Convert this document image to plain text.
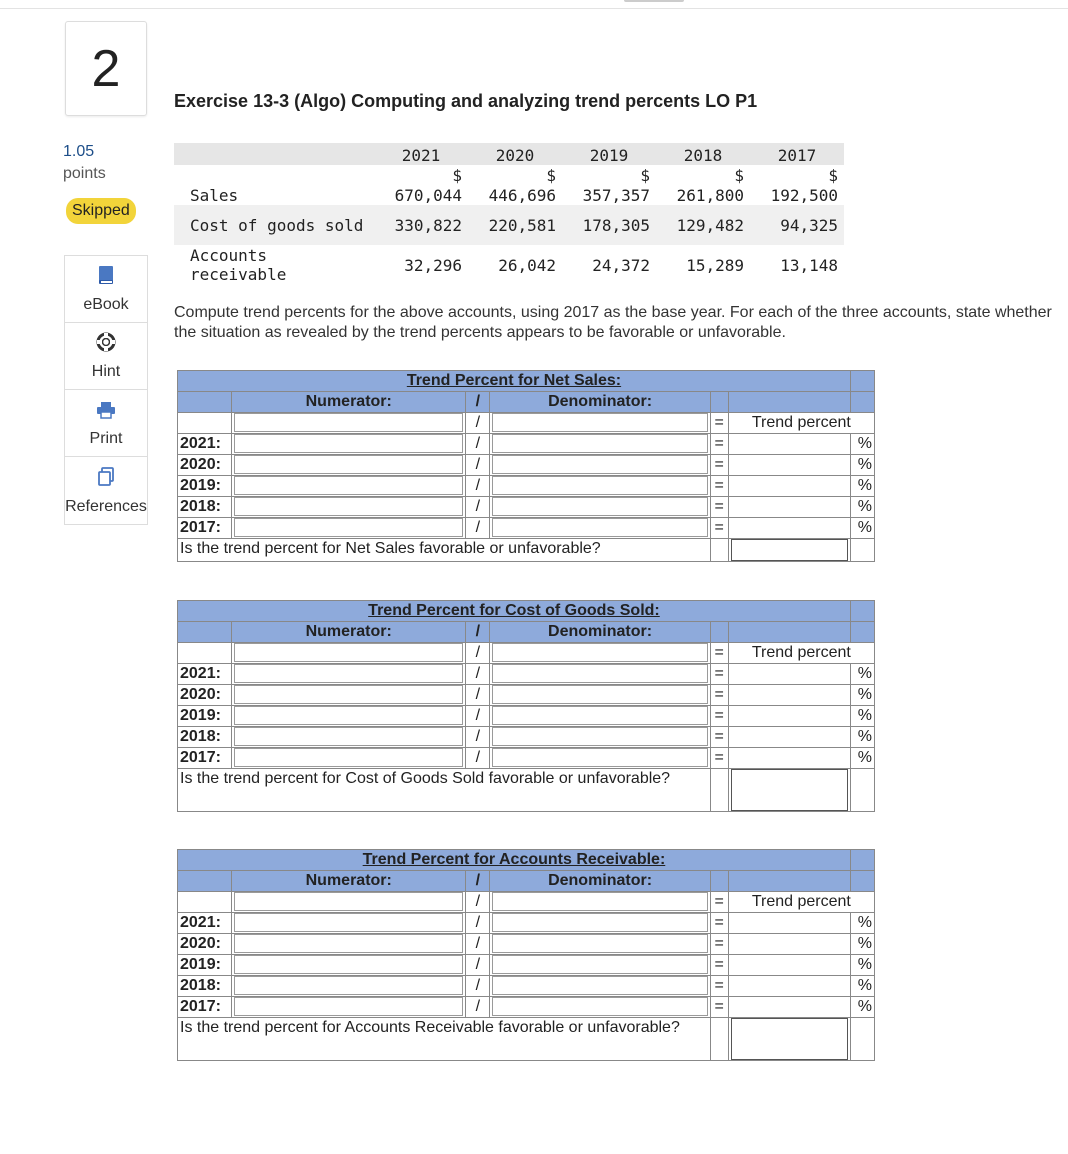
2
1.05
points
Skipped
eBook
Hint
Print
References
Exercise 13-3 (Algo) Computing and analyzing trend percents LO P1
	2021	2020	2019	2018	2017
	$	$	$	$	$
Sales	670,044	446,696	357,357	261,800	192,500
Cost of goods sold	330,822	220,581	178,305	129,482	94,325
Accounts receivable	32,296	26,042	24,372	15,289	13,148
Compute trend percents for the above accounts, using 2017 as the base year. For each of the three accounts, state whether the situation as revealed by the trend percents appears to be favorable or unfavorable.
Trend Percent for Net Sales:						
	Numerator:	/	Denominator:			
		/		=	Trend percent	
2021:		/		=		%
2020:		/		=		%
2019:		/		=		%
2018:		/		=		%
2017:		/		=		%
Is the trend percent for Net Sales favorable or unfavorable?					

Trend Percent for Cost of Goods Sold:						
	Numerator:	/	Denominator:			
		/		=	Trend percent	
2021:		/		=		%
2020:		/		=		%
2019:		/		=		%
2018:		/		=		%
2017:		/		=		%
Is the trend percent for Cost of Goods Sold favorable or unfavorable?					

Trend Percent for Accounts Receivable:						
	Numerator:	/	Denominator:			
		/		=	Trend percent	
2021:		/		=		%
2020:		/		=		%
2019:		/		=		%
2018:		/		=		%
2017:		/		=		%
Is the trend percent for Accounts Receivable favorable or unfavorable?					
